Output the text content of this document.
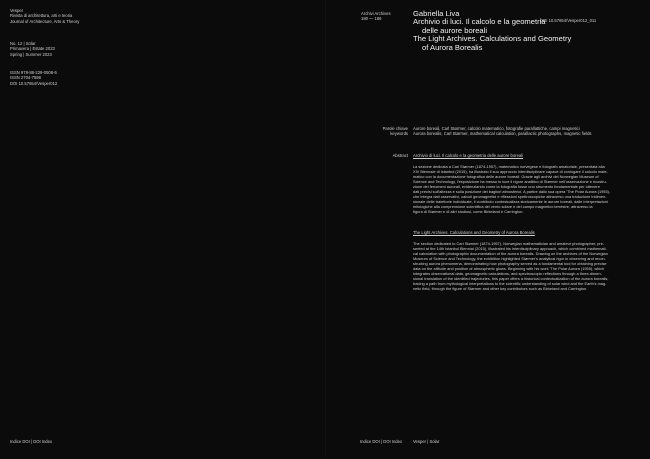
Vesper
Rivista di architettura, arti e teoria
Journal of Architecture, Arts & Theory
No. 12 | Solar
Primavera | Estate 2023
Spring | Summer 2023
ISSN 978-88-229-0508-5
ISSN 2704-7598
DOI 10.57654/Vesper012
Indice DOI | DOI Index
Archivi Archives
180 — 186	DOI 10.57654/Vesper012_011
Gabriella Liva
Archivio di luci. Il calcolo e la geometria
delle aurore boreali
The Light Archives. Calculations and Geometry
of Aurora Borealis
Parole chiave
keywords
Aurore boreali, Carl Størmer, calcolo matematico, fotografie parallattiche, campi magnetici
Aurora borealis, Carl Størmer, mathematical calculation, parallactic photographs, magnetic fields
Abstract Archivio di luci. Il calcolo e la geometria delle aurore boreali
La sezione dedicata a Carl Størmer (1874-1957), matematico norvegese e fotografo amatoriale, presentata alla
XIV Biennale di Istanbul (2015), ha illustrato il suo approccio interdisciplinare capace di coniugare il calcolo mate-
matico con la documentazione fotografica delle aurore boreali. Grazie agli archivi del Norwegian Museum of
Science and Technology, l'esposizione ha messo in luce il rigore analitico di Størmer nell'osservazione e ricostru-
zione dei fenomeni aurorali, evidenziando come la fotografia fosse uno strumento fondamentale per ottenere
dati precisi sull'altezza e sulla posizione dei bagliori atmosferici. A partire dallo sua opera 'The Polar Aurora (1955),
che integra dati osservativi, calcoli geomagnetici e riflessioni spettroscopiche attraverso una traduzione tridimen-
sionale delle traiettorie individuate, il contributo contestualizza storicamente le aurore boreali, dalle interpretazioni
mitologiche alla comprensione scientifica del vento solare e del campo magnetico terrestre, attraverso la
figura di Størmer e di altri studiosi, come Birkeland e Carrington.
The Light Archives. Calculations and Geometry of Aurora Borealis
The section dedicated to Carl Størmer (1874-1957), Norwegian mathematician and amateur photographer, pre-
sented at the 14th Istanbul Biennial (2015), illustrated his interdisciplinary approach, which combined mathemati-
cal calculation with photographic documentation of the aurora borealis. Drawing on the archives of the Norwegian
Museum of Science and Technology, the exhibition highlighted Størmer's analytical rigor in observing and recon-
structing aurora phenomena, demonstrating how photography served as a fundamental tool for obtaining precise
data on the altitude and position of atmospheric glows. Beginning with his work 'The Polar Aurora (1955), which
integrates observational data, geomagnetic calculations, and spectroscopic reflections through a three-dimen-
sional translation of the identified trajectories, this paper offers a historical contextualization of the aurora borealis,
tracing a path from mythological interpretations to the scientific understanding of solar wind and the Earth's mag-
netic field, through the figure of Størmer and other key contributors such as Birkeland and Carrington.
Indice DOI | DOI Index	Vesper | Solar
